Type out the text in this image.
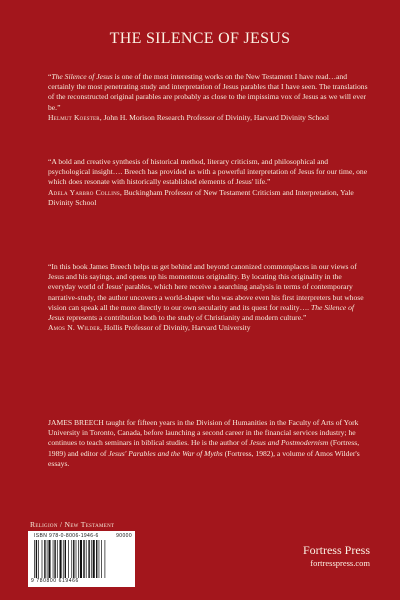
THE SILENCE OF JESUS

“The Silence of Jesus is one of the most interesting works on the New Testament I have read…and certainly the most penetrating study and interpretation of Jesus parables that I have seen. The translations of the reconstructed original parables are probably as close to the impissima vox of Jesus as we will ever be.”

Helmut Koester, John H. Morison Research Professor of Divinity, Harvard Divinity School

“A bold and creative synthesis of historical method, literary criticism, and philosophical and psychological insight…. Breech has provided us with a powerful interpretation of Jesus for our time, one which does resonate with historically established elements of Jesus' life.”

Adela Yarbro Collins, Buckingham Professor of New Testament Criticism and Interpretation, Yale Divinity School

“In this book James Breech helps us get behind and beyond canonized commonplaces in our views of Jesus and his sayings, and opens up his momentous originality. By locating this originality in the everyday world of Jesus' parables, which here receive a searching analysis in terms of contemporary narrative-study, the author uncovers a world-shaper who was above even his first interpreters but whose vision can speak all the more directly to our own secularity and its quest for reality…. The Silence of Jesus represents a contribution both to the study of Christianity and modern culture.”

Amos N. Wilder, Hollis Professor of Divinity, Harvard University

JAMES BREECH taught for fifteen years in the Division of Humanities in the Faculty of Arts of York University in Toronto, Canada, before launching a second career in the financial services industry; he continues to teach seminars in biblical studies. He is the author of Jesus and Postmodernism (Fortress, 1989) and editor of Jesus' Parables and the War of Myths (Fortress, 1982), a volume of Amos Wilder's essays.

Religion / New Testament
ISBN 978-0-8006-1946-6	90000
9 780800 619466
Fortress Press
fortresspress.com
